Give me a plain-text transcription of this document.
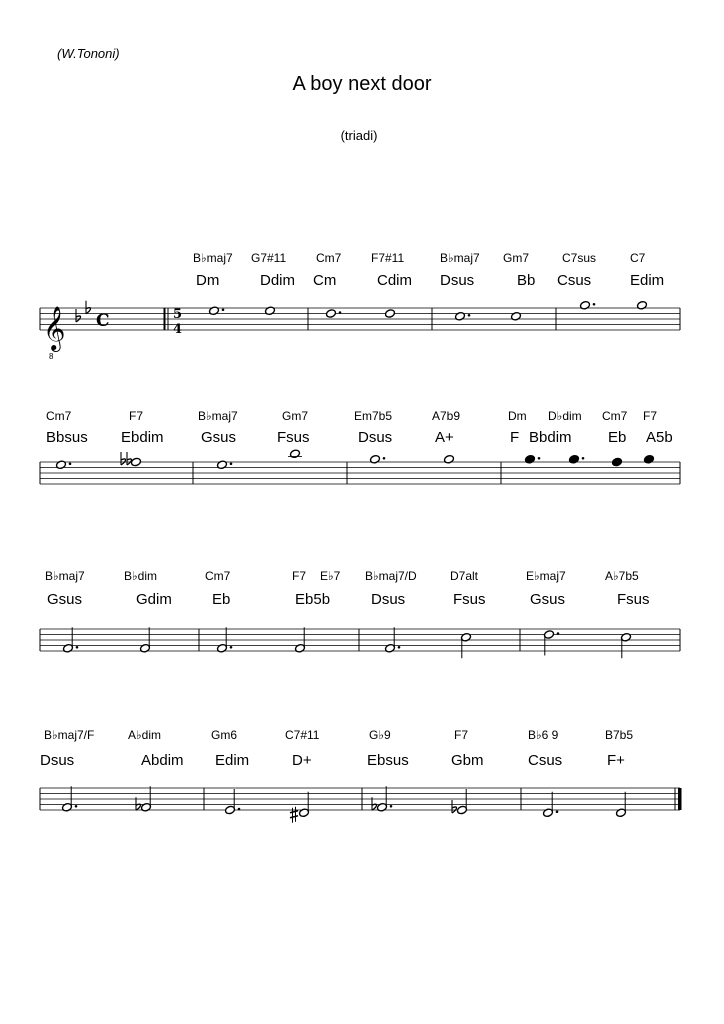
(W.Tononi)
A boy next door
(triadi)
𝄞
8
C	5
4
B♭maj7 G7#11 Cm7 F7#11	B♭maj7 Gm7	C7sus	C7
Dm	Ddim Cm	Cdim Dsus	Bb Csus	Edim
Cm7	F7	B♭maj7	Gm7	Em7b5	A7b9	Dm D♭dim Cm7 F7
Bbsus Ebdim Gsus	Fsus	Dsus	A+	F Bbdim Eb A5b
B♭maj7	B♭dim	Cm7	F7 E♭7 B♭maj7/D	D7alt	E♭maj7	A♭7b5
Gsus	Gdim	Eb	Eb5b	Dsus	Fsus	Gsus	Fsus
B♭maj7/F	A♭dim	Gm6	C7#11	G♭9	F7	B♭6 9	B7b5
Dsus	Abdim Edim	D+	Ebsus	Gbm	Csus	F+
